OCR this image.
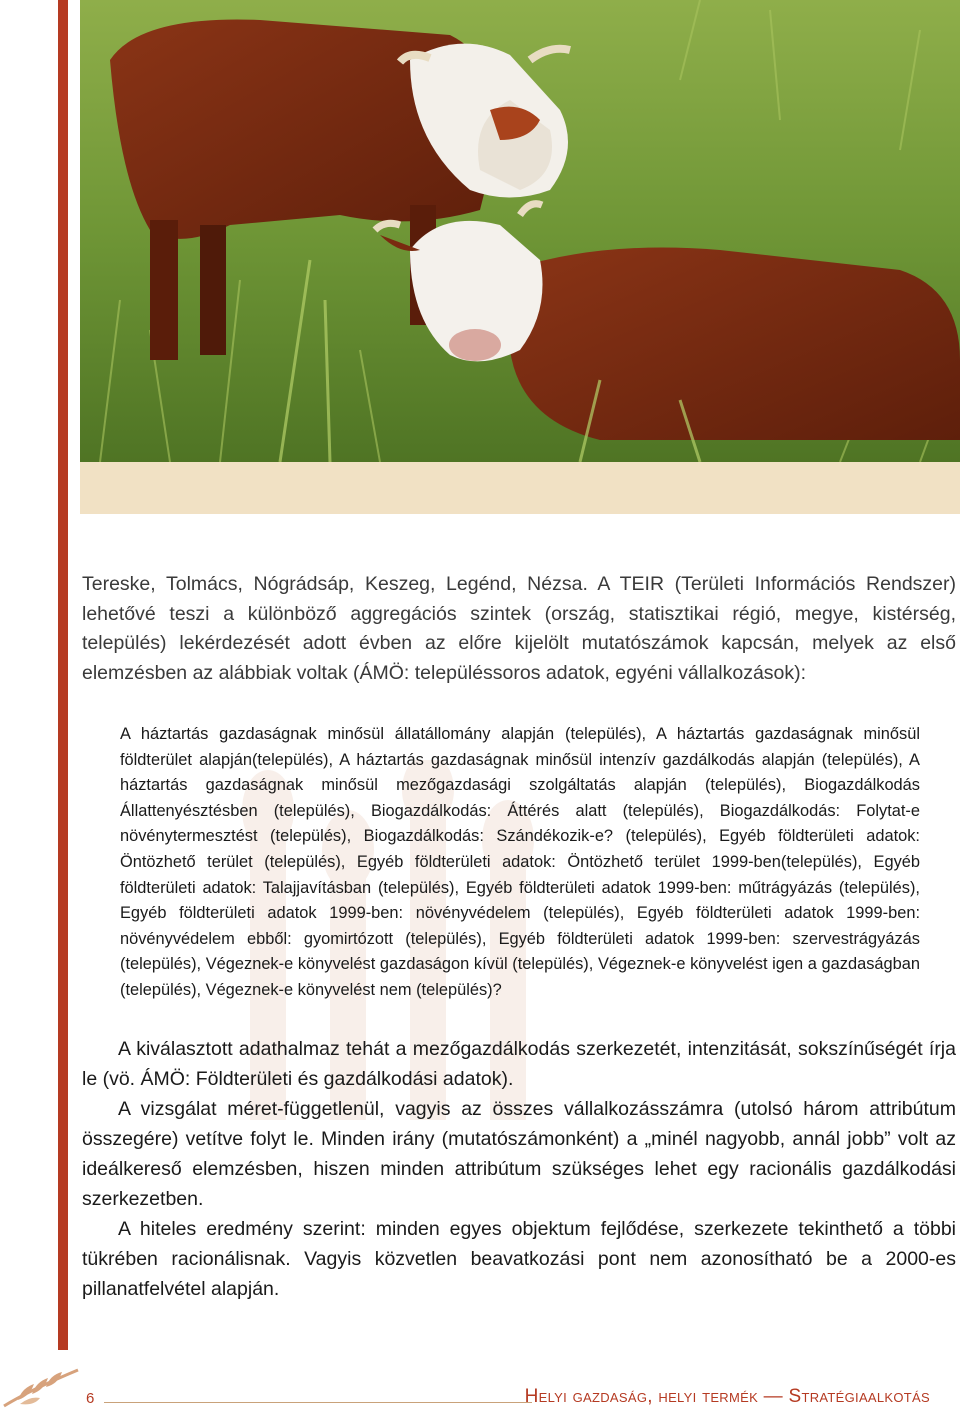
Tereske, Tolmács, Nógrádsáp, Keszeg, Legénd, Nézsa. A TEIR (Területi Információs Rendszer) lehetővé teszi a különböző aggregációs szintek (ország, statisztikai régió, megye, kistérség, település) lekérdezését adott évben az előre kijelölt mutatószámok kapcsán, melyek az első elemzésben az alábbiak voltak (ÁMÖ: településsoros adatok, egyéni vállalkozások):

A háztartás gazdaságnak minősül állatállomány alapján (település), A háztartás gazdaságnak minősül földterület alapján(település), A háztartás gazdaságnak minősül intenzív gazdálkodás alapján (település), A háztartás gazdaságnak minősül mezőgazdasági szolgáltatás alapján (település), Biogazdálkodás Állattenyésztésben (település), Biogazdálkodás: Áttérés alatt (település), Biogazdálkodás: Folytat-e növénytermesztést (település), Biogazdálkodás: Szándékozik-e? (település), Egyéb földterületi adatok: Öntözhető terület (település), Egyéb földterületi adatok: Öntözhető terület 1999-ben(település), Egyéb földterületi adatok: Talajjavításban (település), Egyéb földterületi adatok 1999-ben: műtrágyázás (település), Egyéb földterületi adatok 1999-ben: növényvédelem (település), Egyéb földterületi adatok 1999-ben: növényvédelem ebből: gyomirtózott (település), Egyéb földterületi adatok 1999-ben: szervestrágyázás (település), Végeznek-e könyvelést gazdaságon kívül (település), Végeznek-e könyvelést igen a gazdaságban (település), Végeznek-e könyvelést nem (település)?

A kiválasztott adathalmaz tehát a mezőgazdálkodás szerkezetét, intenzitását, sokszínűségét írja le (vö. ÁMÖ: Földterületi és gazdálkodási adatok).

A vizsgálat méret-függetlenül, vagyis az összes vállalkozásszámra (utolsó három attribútum összegére) vetítve folyt le. Minden irány (mutatószámonként) a „minél nagyobb, annál jobb” volt az ideálkereső elemzésben, hiszen minden attribútum szükséges lehet egy racionális gazdálkodási szerkezetben.

A hiteles eredmény szerint: minden egyes objektum fejlődése, szerkezete tekinthető a többi tükrében racionálisnak. Vagyis közvetlen beavatkozási pont nem azonosítható be a 2000-es pillanatfelvétel alapján.

6	Helyi gazdaság, helyi termék — Stratégiaalkotás
